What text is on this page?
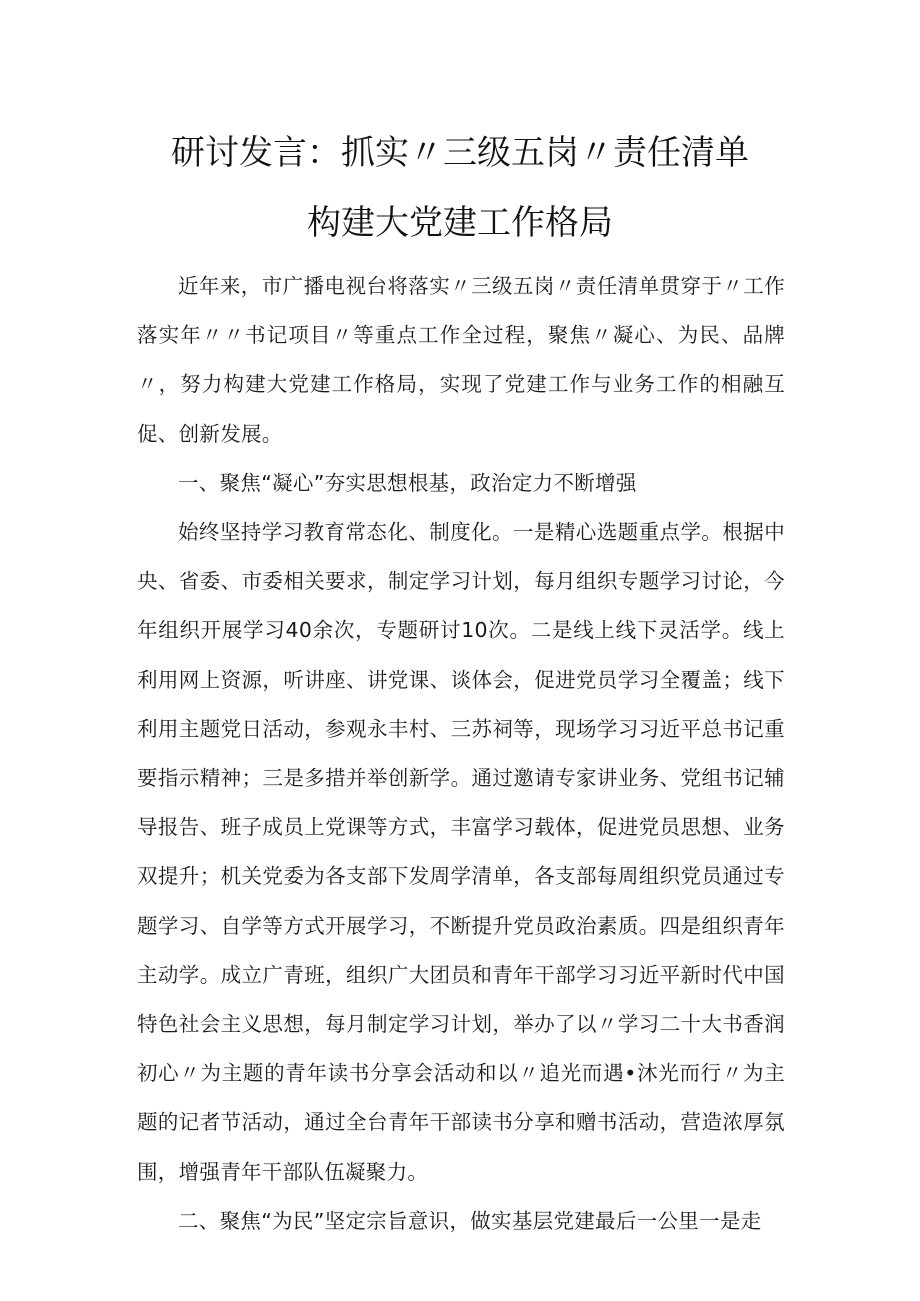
研讨发言：抓实〃三级五岗〃责任清单
构建大党建工作格局

近年来，市广播电视台将落实〃三级五岗〃责任清单贯穿于〃工作落实年〃〃书记项目〃等重点工作全过程，聚焦〃凝心、为民、品牌〃，努力构建大党建工作格局，实现了党建工作与业务工作的相融互促、创新发展。

一、聚焦“凝心”夯实思想根基，政治定力不断增强

始终坚持学习教育常态化、制度化。一是精心选题重点学。根据中央、省委、市委相关要求，制定学习计划，每月组织专题学习讨论，今年组织开展学习40余次，专题研讨10次。二是线上线下灵活学。线上利用网上资源，听讲座、讲党课、谈体会，促进党员学习全覆盖；线下利用主题党日活动，参观永丰村、三苏祠等，现场学习习近平总书记重要指示精神；三是多措并举创新学。通过邀请专家讲业务、党组书记辅导报告、班子成员上党课等方式，丰富学习载体，促进党员思想、业务双提升；机关党委为各支部下发周学清单，各支部每周组织党员通过专题学习、自学等方式开展学习，不断提升党员政治素质。四是组织青年主动学。成立广青班，组织广大团员和青年干部学习习近平新时代中国特色社会主义思想，每月制定学习计划，举办了以〃学习二十大书香润初心〃为主题的青年读书分享会活动和以〃追光而遇•沐光而行〃为主题的记者节活动，通过全台青年干部读书分享和赠书活动，营造浓厚氛围，增强青年干部队伍凝聚力。

二、聚焦“为民”坚定宗旨意识，做实基层党建最后一公里一是走
